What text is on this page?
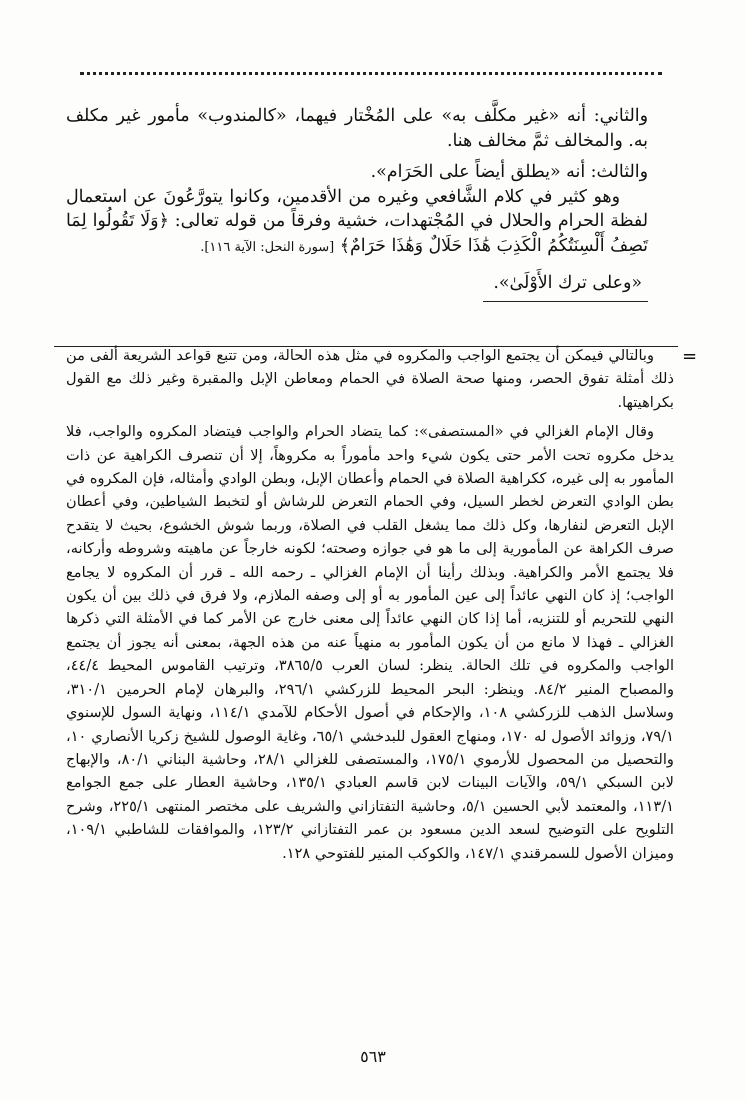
والثاني: أنه «غير مكلَّف به» على المُخْتار فيهما، «كالمندوب» مأمور غير مكلف به. والمخالف ثمَّ مخالف هنا.

والثالث: أنه «يطلق أيضاً على الحَرَام».

وهو كثير في كلام الشَّافعي وغيره من الأقدمين، وكانوا يتورَّعُونَ عن استعمال لفظة الحرام والحلال في المُجْتهدات، خشية وفرقاً من قوله تعالى: ﴿وَلَا تَقُولُوا لِمَا تَصِفُ أَلْسِنَتُكُمُ الْكَذِبَ هَٰذَا حَلَالٌ وَهَٰذَا حَرَامٌ﴾ [سورة النحل: الآية ١١٦].

«وعلى ترك الأَوْلَىٰ».

=

وبالتالي فيمكن أن يجتمع الواجب والمكروه في مثل هذه الحالة، ومن تتبع قواعد الشريعة ألفى من ذلك أمثلة تفوق الحصر، ومنها صحة الصلاة في الحمام ومعاطن الإبل والمقبرة وغير ذلك مع القول بكراهيتها.

وقال الإمام الغزالي في «المستصفى»: كما يتضاد الحرام والواجب فيتضاد المكروه والواجب، فلا يدخل مكروه تحت الأمر حتى يكون شيء واحد مأموراً به مكروهاً، إلا أن تنصرف الكراهية عن ذات المأمور به إلى غيره، ككراهية الصلاة في الحمام وأعطان الإبل، وبطن الوادي وأمثاله، فإن المكروه في بطن الوادي التعرض لخطر السيل، وفي الحمام التعرض للرشاش أو لتخبط الشياطين، وفي أعطان الإبل التعرض لنفارها، وكل ذلك مما يشغل القلب في الصلاة، وربما شوش الخشوع، بحيث لا يتقدح صرف الكراهة عن المأمورية إلى ما هو في جوازه وصحته؛ لكونه خارجاً عن ماهيته وشروطه وأركانه، فلا يجتمع الأمر والكراهية. وبذلك رأينا أن الإمام الغزالي ـ رحمه الله ـ قرر أن المكروه لا يجامع الواجب؛ إذ كان النهي عائداً إلى عين المأمور به أو إلى وصفه الملازم، ولا فرق في ذلك بين أن يكون النهي للتحريم أو للتنزيه، أما إذا كان النهي عائداً إلى معنى خارج عن الأمر كما في الأمثلة التي ذكرها الغزالي ـ فهذا لا مانع من أن يكون المأمور به منهياً عنه من هذه الجهة، بمعنى أنه يجوز أن يجتمع الواجب والمكروه في تلك الحالة. ينظر: لسان العرب ٣٨٦٥/٥، وترتيب القاموس المحيط ٤٤/٤، والمصباح المنير ٨٤/٢. وينظر: البحر المحيط للزركشي ٢٩٦/١، والبرهان لإمام الحرمين ٣١٠/١، وسلاسل الذهب للزركشي ١٠٨، والإحكام في أصول الأحكام للآمدي ١١٤/١، ونهاية السول للإسنوي ٧٩/١، وزوائد الأصول له ١٧٠، ومنهاج العقول للبدخشي ٦٥/١، وغاية الوصول للشيخ زكريا الأنصاري ١٠، والتحصيل من المحصول للأرموي ١٧٥/١، والمستصفى للغزالي ٢٨/١، وحاشية البناني ٨٠/١، والإبهاج لابن السبكي ٥٩/١، والآيات البينات لابن قاسم العبادي ١٣٥/١، وحاشية العطار على جمع الجوامع ١١٣/١، والمعتمد لأبي الحسين ٥/١، وحاشية التفتازاني والشريف على مختصر المنتهى ٢٢٥/١، وشرح التلويح على التوضيح لسعد الدين مسعود بن عمر التفتازاني ١٢٣/٢، والموافقات للشاطبي ١٠٩/١، وميزان الأصول للسمرقندي ١٤٧/١، والكوكب المنير للفتوحي ١٢٨.

٥٦٣
